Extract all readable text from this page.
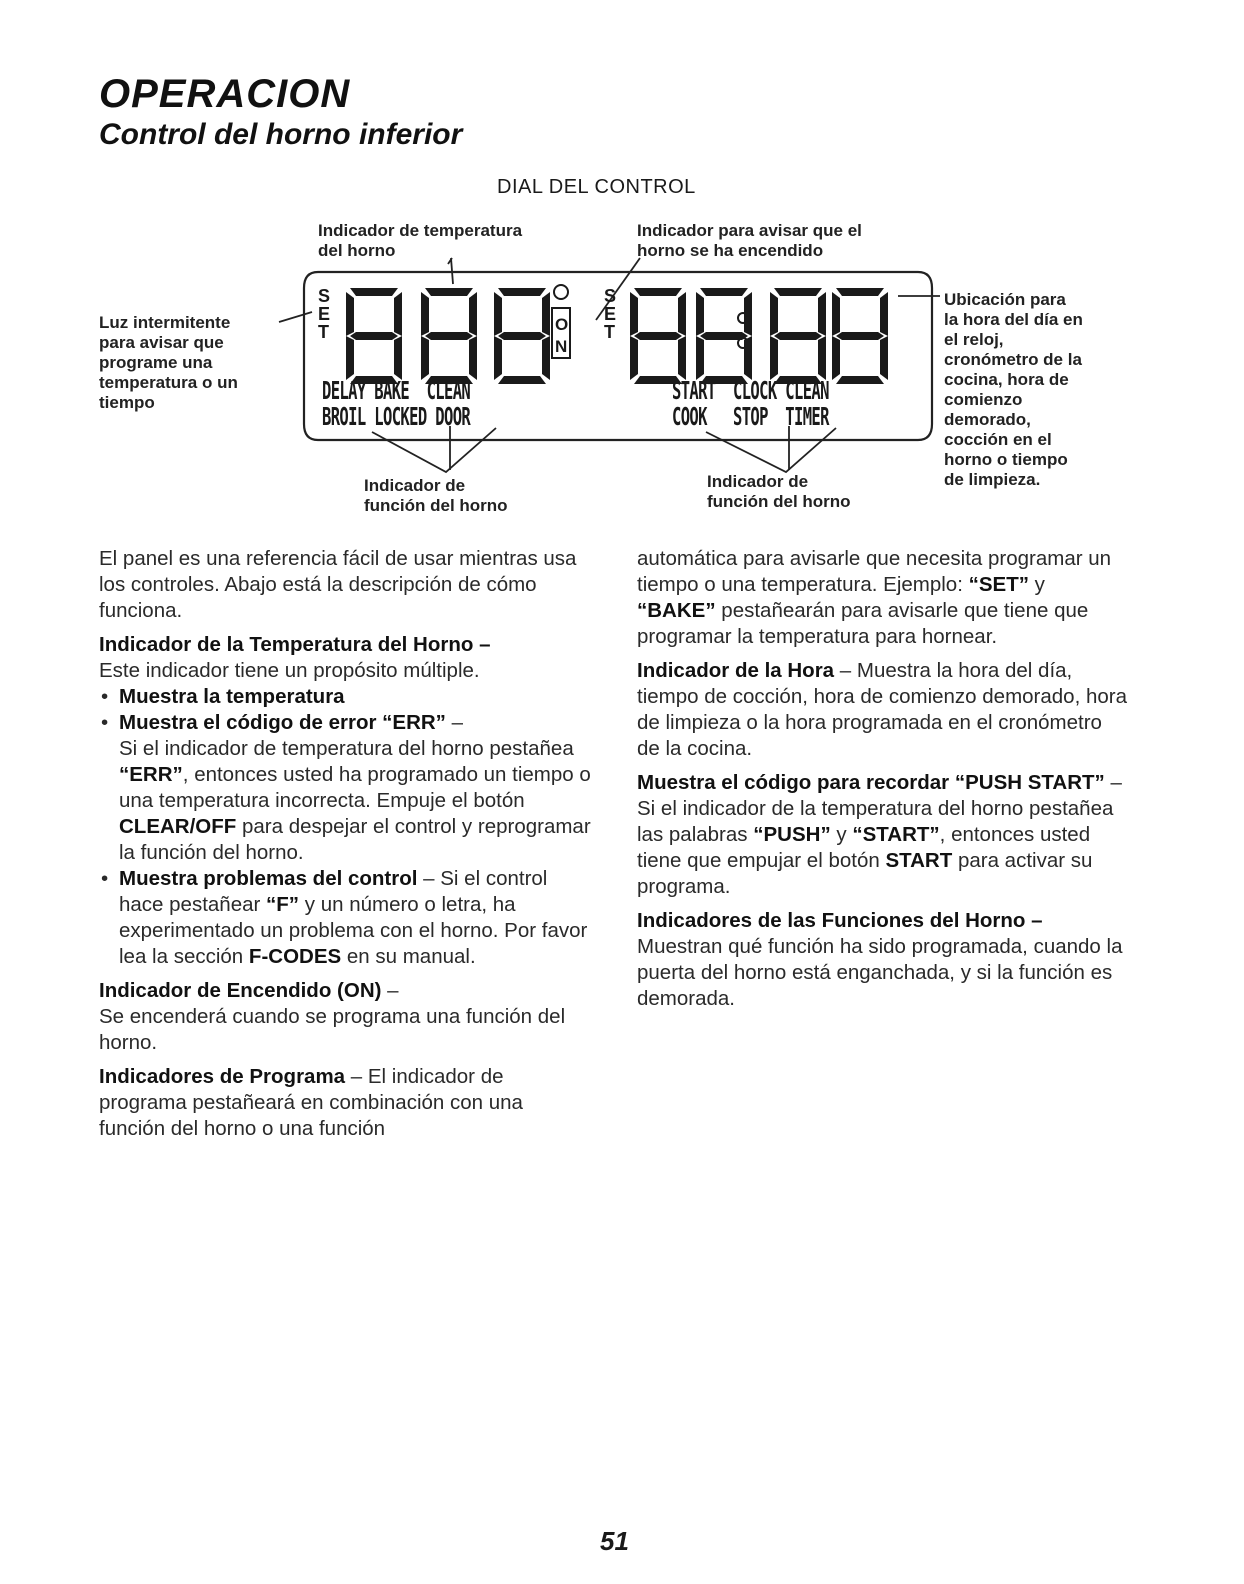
OPERACION
Control del horno inferior
DIAL DEL CONTROL
Indicador de temperatura
del horno
Indicador para avisar que el
horno se ha encendido
Luz intermitente
para avisar que
programe una
temperatura o un
tiempo
Ubicación para
la hora del día en
el reloj,
cronómetro de la
cocina, hora de
comienzo
demorado,
cocción en el
horno o tiempo
de limpieza.
Indicador de
función del horno
Indicador de
función del horno
S
E
T	O
N
S
E
T
DELAY BAKE CLEAN
BROIL LOCKED DOOR
START CLOCK CLEAN
COOK STOP TIMER

El panel es una referencia fácil de usar mientras usa los controles. Abajo está la descripción de cómo funciona.

Indicador de la Temperatura del Horno –
Este indicador tiene un propósito múltiple.
• Muestra la temperatura
• Muestra el código de error “ERR” –
Si el indicador de temperatura del horno pestañea “ERR”, entonces usted ha programado un tiempo o una temperatura incorrecta. Empuje el botón CLEAR/OFF para despejar el control y reprogramar la función del horno.
• Muestra problemas del control – Si el control hace pestañear “F” y un número o letra, ha experimentado un problema con el horno. Por favor lea la sección F-CODES en su manual.

Indicador de Encendido (ON) –
Se encenderá cuando se programa una función del horno.

Indicadores de Programa – El indicador de programa pestañeará en combinación con una función del horno o una función

automática para avisarle que necesita programar un tiempo o una temperatura. Ejemplo: “SET” y “BAKE” pestañearán para avisarle que tiene que programar la temperatura para hornear.

Indicador de la Hora – Muestra la hora del día, tiempo de cocción, hora de comienzo demorado, hora de limpieza o la hora programada en el cronómetro de la cocina.

Muestra el código para recordar “PUSH START” – Si el indicador de la temperatura del horno pestañea las palabras “PUSH” y “START”, entonces usted tiene que empujar el botón START para activar su programa.

Indicadores de las Funciones del Horno –
Muestran qué función ha sido programada, cuando la puerta del horno está enganchada, y si la función es demorada.

51
